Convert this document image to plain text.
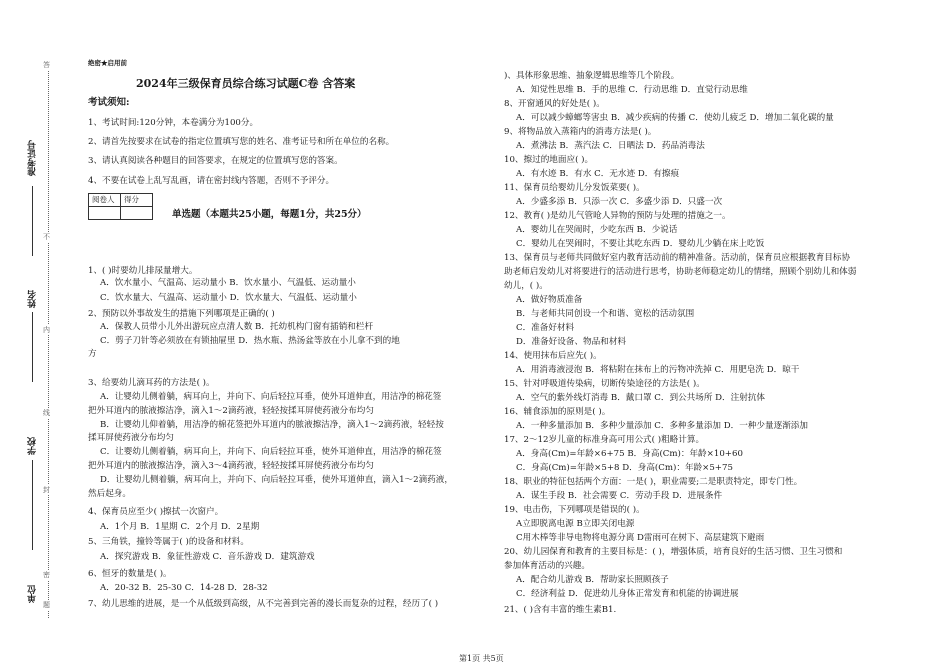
准考证号
姓名
学校
单位
答
不
内
线
封
密
题
绝密★启用前
2024年三级保育员综合练习试题C卷 含答案
考试须知:
1、考试时间:120分钟，本卷满分为100分。
2、请首先按要求在试卷的指定位置填写您的姓名、准考证号和所在单位的名称。
3、请认真阅读各种题目的回答要求，在规定的位置填写您的答案。
4、不要在试卷上乱写乱画，请在密封线内答题，否则不予评分。
阅卷人	得分

单选题（本题共25小题，每题1分，共25分）
1、( )时要幼儿排尿量增大。
A．饮水量小、气温高、运动量小 B．饮水量小、气温低、运动量小
C．饮水量大、气温高、运动量小 D．饮水量大、气温低、运动量小
2、预防以外事故发生的措施下列哪项是正确的( )
A．保教人员带小儿外出游玩应点清人数 B．托幼机构门窗有插销和栏杆
C．剪子刀针等必须放在有锁抽屉里 D．热水瓶、热汤盆等放在小儿拿不到的地
方
3、给要幼儿滴耳药的方法是( )。
A．让婴幼儿侧着躺，病耳向上，并向下、向后轻拉耳垂，使外耳道伸直，用洁净的棉花签
把外耳道内的脓液擦洁净，滴入1～2滴药液，轻轻按揉耳屏使药液分布均匀
B．让婴幼儿仰着躺，用洁净的棉花签把外耳道内的脓液擦洁净，滴入1～2滴药液，轻轻按
揉耳屏使药液分布均匀
C．让婴幼儿侧着躺，病耳向上，并向下、向后轻拉耳垂，使外耳道伸直，用洁净的棉花签
把外耳道内的脓液擦洁净，滴入3～4滴药液，轻轻按揉耳屏使药液分布均匀
D．让婴幼儿侧着躺，病耳向上，并向下、向后轻拉耳垂，使外耳道伸直，滴入1～2滴药液，
然后起身。
4、保育员应至少( )擦拭一次窗户。
A．1个月 B．1星期 C．2个月 D．2星期
5、三角铁，撞铃等属于( )的设备和材料。
A．探究游戏 B．象征性游戏 C．音乐游戏 D．建筑游戏
6、恒牙的数量是( )。
A．20-32 B．25-30 C．14-28 D．28-32
7、幼儿思维的进展，是一个从低级到高级，从不完善到完善的漫长而复杂的过程，经历了( )
)、具体形象思维、抽象逻辑思维等几个阶段。
A．知觉性思维 B．手的思维 C．行动思维 D．直觉行动思维
8、开窗通风的好处是( )。
A．可以减少蟑螂等害虫 B．减少疾病的传播 C．使幼儿疲乏 D．增加二氧化碳的量
9、将物品放入蒸箱内的消毒方法是( )。
A．煮沸法 B．蒸汽法 C．日晒法 D．药品消毒法
10、擦过的地面应( )。
A．有水迹 B．有水 C．无水迹 D．有擦痕
11、保育员给婴幼儿分发饭菜要( )。
A．少盛多添 B．只添一次 C．多盛少添 D．只盛一次
12、教育( )是幼儿气管呛人异物的预防与处理的措施之一。
A．婴幼儿在哭闹时，少吃东西 B．少说话
C．婴幼儿在哭闹时，不要让其吃东西 D．婴幼儿少躺在床上吃饭
13、保育员与老师共同做好室内教育活动前的精神准备。活动前，保育员应根据教育目标协
助老师启发幼儿对将要进行的活动进行思考，协助老师稳定幼儿的情绪，照顾个别幼儿和体弱
幼儿，( )。
A．做好物质准备
B．与老师共同创设一个和谐、宽松的活动氛围
C．准备好材料
D．准备好设备、物品和材料
14、使用抹布后应先( )。
A．用消毒液浸泡 B．将粘附在抹布上的污物冲洗掉 C．用肥皂洗 D．晾干
15、针对呼吸道传染病，切断传染途径的方法是( )。
A．空气的紫外线灯消毒 B．戴口罩 C．到公共场所 D．注射抗体
16、辅食添加的原则是( )。
A．一种多量添加 B．多种少量添加 C．多种多量添加 D．一种少量逐渐添加
17、2～12岁儿童的标准身高可用公式( )粗略计算。
A．身高(Cm)=年龄×6+75 B．身高(Cm)：年龄×10+60
C．身高(Cm)=年龄×5+8 D．身高(Cm)：年龄×5+75
18、职业的特征包括两个方面：一是( )，职业需要;二是职责特定，即专门性。
A．谋生手段 B．社会需要 C．劳动手段 D．进展条件
19、电击伤，下列哪项是错误的( )。
A立即脱离电源 B立即关闭电源
C用木棒等非导电物将电源分离 D雷雨可在树下、高层建筑下避雨
20、幼儿园保育和教育的主要目标是：( )，增强体质，培育良好的生活习惯、卫生习惯和
参加体育活动的兴趣。
A．配合幼儿游戏 B．帮助家长照顾孩子
C．经济利益 D．促进幼儿身体正常发育和机能的协调进展
21、( )含有丰富的维生素B1.
第1页 共5页
